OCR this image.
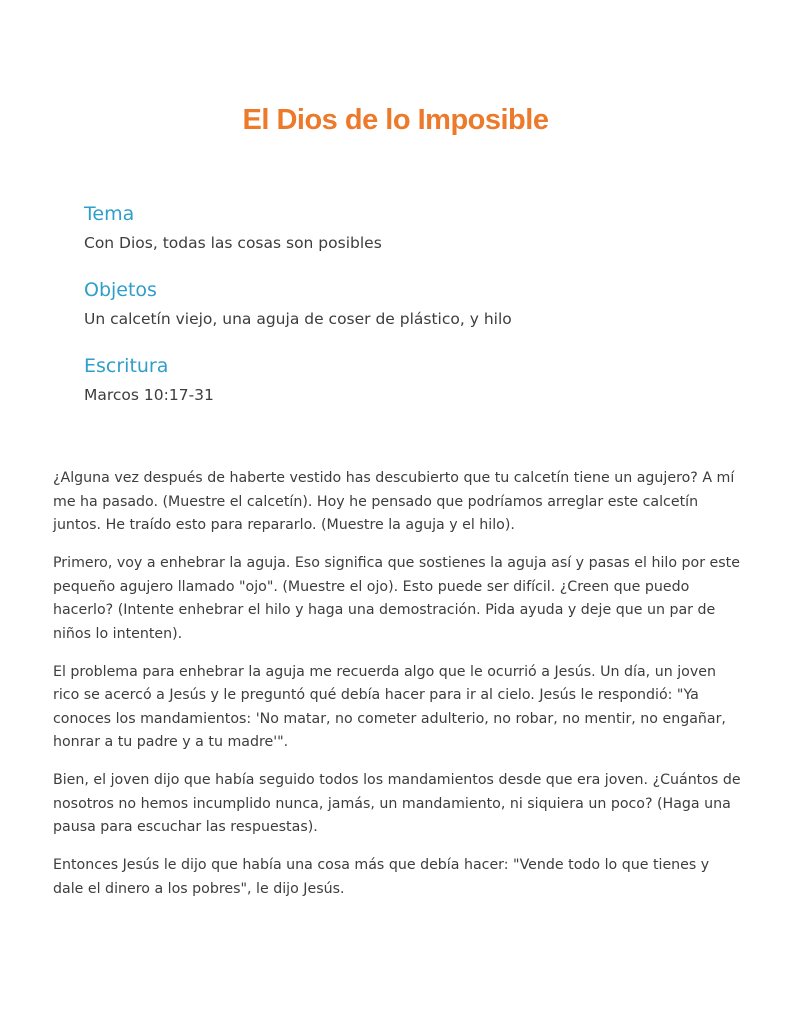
El Dios de lo Imposible
Tema

Con Dios, todas las cosas son posibles

Objetos

Un calcetín viejo, una aguja de coser de plástico, y hilo

Escritura

Marcos 10:17-31

¿Alguna vez después de haberte vestido has descubierto que tu calcetín tiene un agujero? A mí me ha pasado. (Muestre el calcetín). Hoy he pensado que podríamos arreglar este calcetín juntos. He traído esto para repararlo. (Muestre la aguja y el hilo).

Primero, voy a enhebrar la aguja. Eso significa que sostienes la aguja así y pasas el hilo por este pequeño agujero llamado "ojo". (Muestre el ojo). Esto puede ser difícil. ¿Creen que puedo hacerlo? (Intente enhebrar el hilo y haga una demostración. Pida ayuda y deje que un par de niños lo intenten).

El problema para enhebrar la aguja me recuerda algo que le ocurrió a Jesús. Un día, un joven rico se acercó a Jesús y le preguntó qué debía hacer para ir al cielo. Jesús le respondió: "Ya conoces los mandamientos: 'No matar, no cometer adulterio, no robar, no mentir, no engañar, honrar a tu padre y a tu madre'".

Bien, el joven dijo que había seguido todos los mandamientos desde que era joven. ¿Cuántos de nosotros no hemos incumplido nunca, jamás, un mandamiento, ni siquiera un poco? (Haga una pausa para escuchar las respuestas).

Entonces Jesús le dijo que había una cosa más que debía hacer: "Vende todo lo que tienes y dale el dinero a los pobres", le dijo Jesús.
